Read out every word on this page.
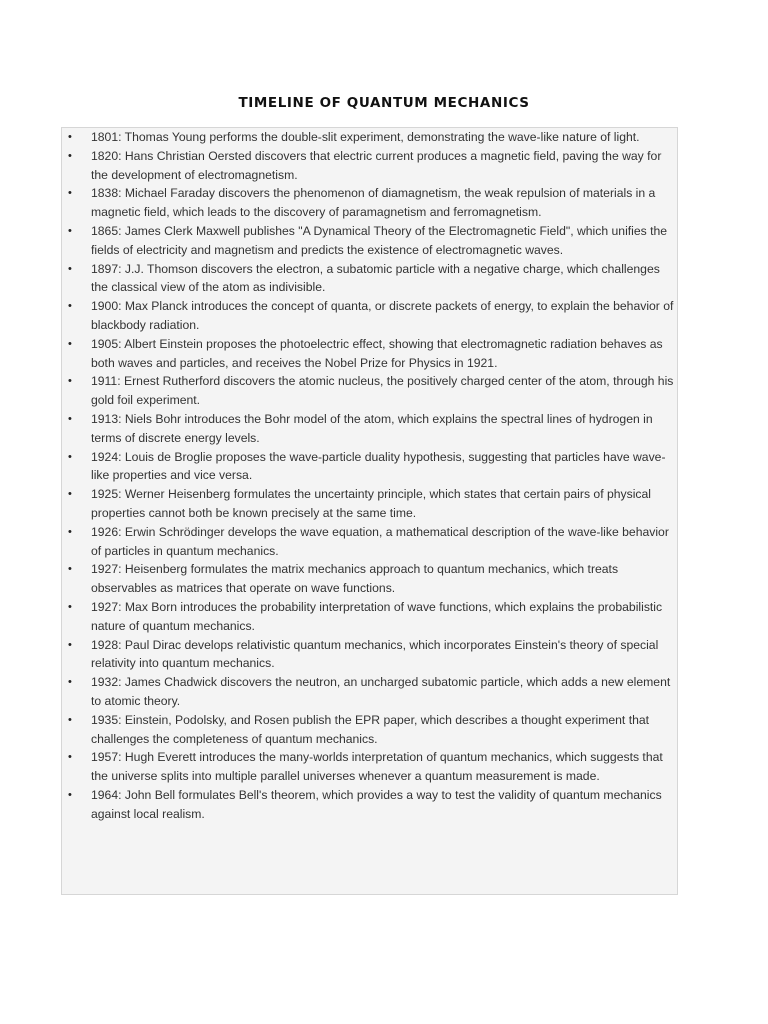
TIMELINE OF QUANTUM MECHANICS
• 1801: Thomas Young performs the double-slit experiment, demonstrating the wave-like nature of light.
• 1820: Hans Christian Oersted discovers that electric current produces a magnetic field, paving the way for the development of electromagnetism.
• 1838: Michael Faraday discovers the phenomenon of diamagnetism, the weak repulsion of materials in a magnetic field, which leads to the discovery of paramagnetism and ferromagnetism.
• 1865: James Clerk Maxwell publishes "A Dynamical Theory of the Electromagnetic Field", which unifies the fields of electricity and magnetism and predicts the existence of electromagnetic waves.
• 1897: J.J. Thomson discovers the electron, a subatomic particle with a negative charge, which challenges the classical view of the atom as indivisible.
• 1900: Max Planck introduces the concept of quanta, or discrete packets of energy, to explain the behavior of blackbody radiation.
• 1905: Albert Einstein proposes the photoelectric effect, showing that electromagnetic radiation behaves as both waves and particles, and receives the Nobel Prize for Physics in 1921.
• 1911: Ernest Rutherford discovers the atomic nucleus, the positively charged center of the atom, through his gold foil experiment.
• 1913: Niels Bohr introduces the Bohr model of the atom, which explains the spectral lines of hydrogen in terms of discrete energy levels.
• 1924: Louis de Broglie proposes the wave-particle duality hypothesis, suggesting that particles have wave-like properties and vice versa.
• 1925: Werner Heisenberg formulates the uncertainty principle, which states that certain pairs of physical properties cannot both be known precisely at the same time.
• 1926: Erwin Schrödinger develops the wave equation, a mathematical description of the wave-like behavior of particles in quantum mechanics.
• 1927: Heisenberg formulates the matrix mechanics approach to quantum mechanics, which treats observables as matrices that operate on wave functions.
• 1927: Max Born introduces the probability interpretation of wave functions, which explains the probabilistic nature of quantum mechanics.
• 1928: Paul Dirac develops relativistic quantum mechanics, which incorporates Einstein's theory of special relativity into quantum mechanics.
• 1932: James Chadwick discovers the neutron, an uncharged subatomic particle, which adds a new element to atomic theory.
• 1935: Einstein, Podolsky, and Rosen publish the EPR paper, which describes a thought experiment that challenges the completeness of quantum mechanics.
• 1957: Hugh Everett introduces the many-worlds interpretation of quantum mechanics, which suggests that the universe splits into multiple parallel universes whenever a quantum measurement is made.
• 1964: John Bell formulates Bell's theorem, which provides a way to test the validity of quantum mechanics against local realism.
